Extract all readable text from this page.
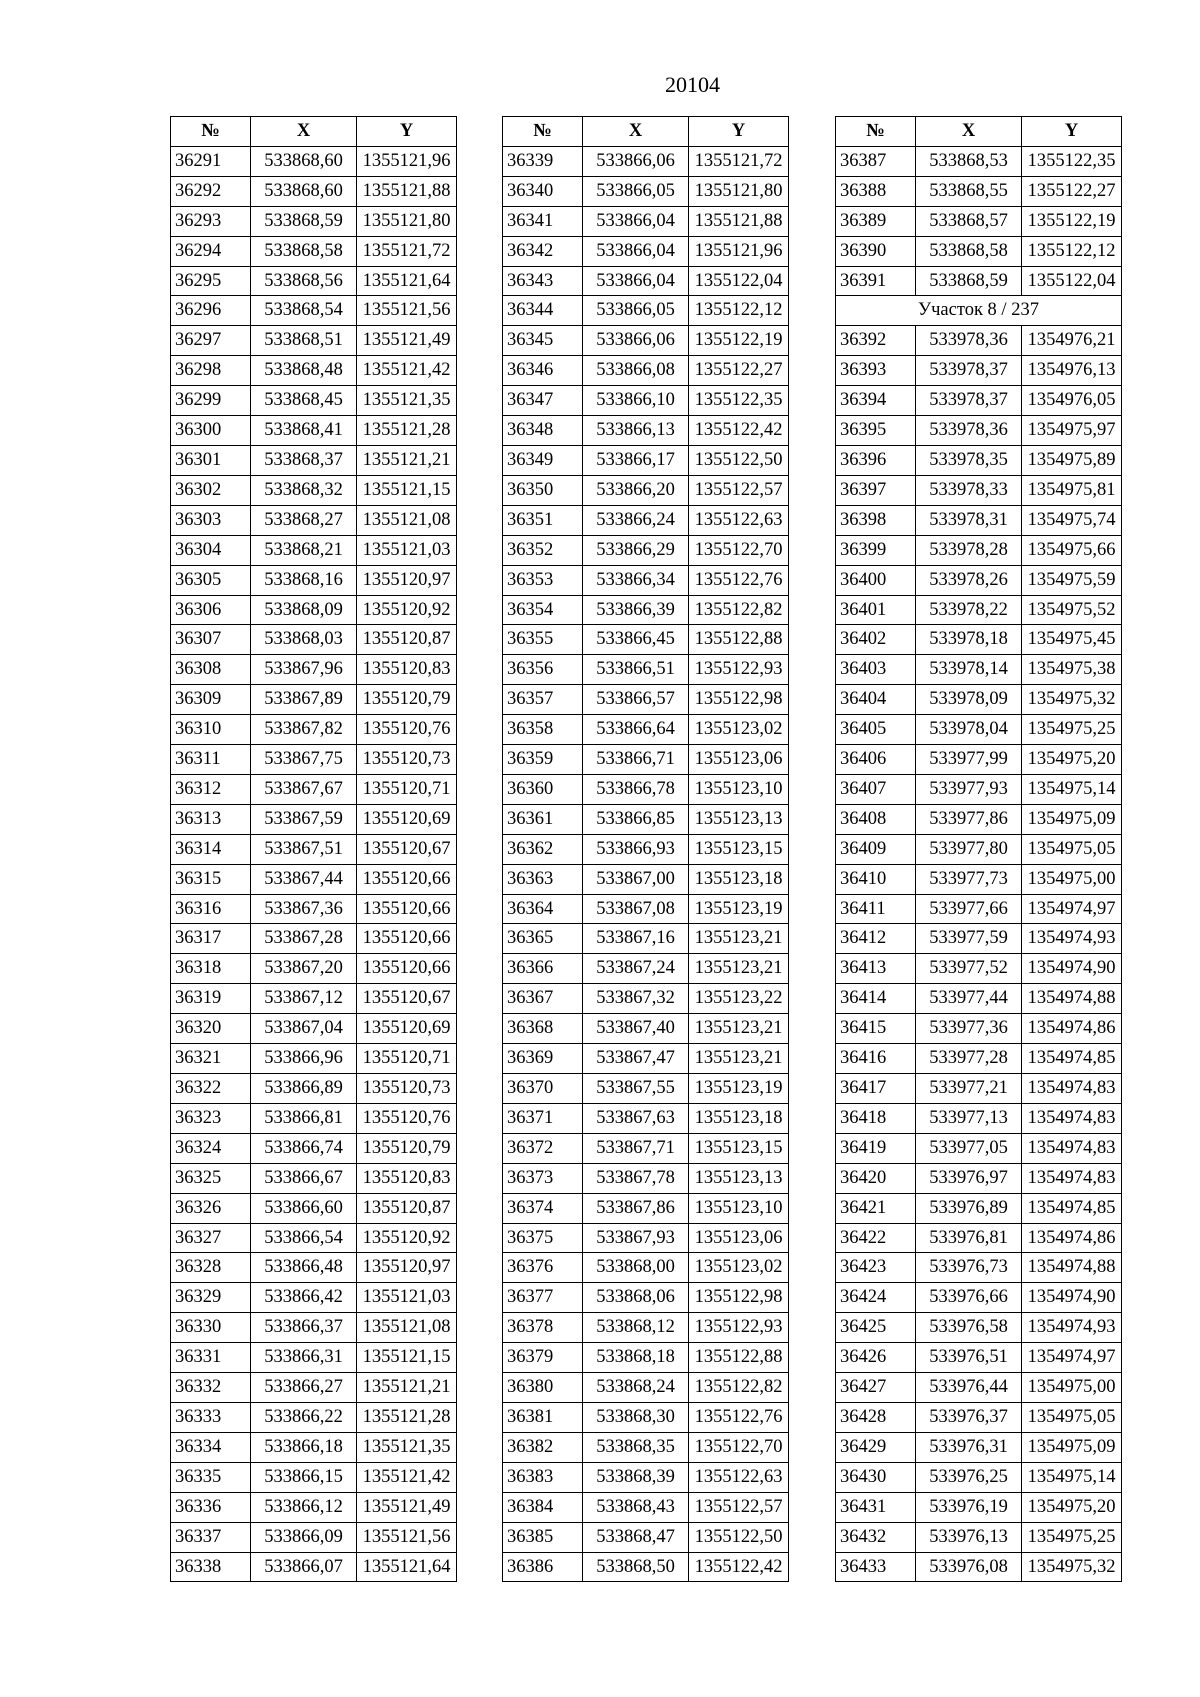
20104
№	X	Y
36291	533868,60	1355121,96
36292	533868,60	1355121,88
36293	533868,59	1355121,80
36294	533868,58	1355121,72
36295	533868,56	1355121,64
36296	533868,54	1355121,56
36297	533868,51	1355121,49
36298	533868,48	1355121,42
36299	533868,45	1355121,35
36300	533868,41	1355121,28
36301	533868,37	1355121,21
36302	533868,32	1355121,15
36303	533868,27	1355121,08
36304	533868,21	1355121,03
36305	533868,16	1355120,97
36306	533868,09	1355120,92
36307	533868,03	1355120,87
36308	533867,96	1355120,83
36309	533867,89	1355120,79
36310	533867,82	1355120,76
36311	533867,75	1355120,73
36312	533867,67	1355120,71
36313	533867,59	1355120,69
36314	533867,51	1355120,67
36315	533867,44	1355120,66
36316	533867,36	1355120,66
36317	533867,28	1355120,66
36318	533867,20	1355120,66
36319	533867,12	1355120,67
36320	533867,04	1355120,69
36321	533866,96	1355120,71
36322	533866,89	1355120,73
36323	533866,81	1355120,76
36324	533866,74	1355120,79
36325	533866,67	1355120,83
36326	533866,60	1355120,87
36327	533866,54	1355120,92
36328	533866,48	1355120,97
36329	533866,42	1355121,03
36330	533866,37	1355121,08
36331	533866,31	1355121,15
36332	533866,27	1355121,21
36333	533866,22	1355121,28
36334	533866,18	1355121,35
36335	533866,15	1355121,42
36336	533866,12	1355121,49
36337	533866,09	1355121,56
36338	533866,07	1355121,64
№	X	Y
36339	533866,06	1355121,72
36340	533866,05	1355121,80
36341	533866,04	1355121,88
36342	533866,04	1355121,96
36343	533866,04	1355122,04
36344	533866,05	1355122,12
36345	533866,06	1355122,19
36346	533866,08	1355122,27
36347	533866,10	1355122,35
36348	533866,13	1355122,42
36349	533866,17	1355122,50
36350	533866,20	1355122,57
36351	533866,24	1355122,63
36352	533866,29	1355122,70
36353	533866,34	1355122,76
36354	533866,39	1355122,82
36355	533866,45	1355122,88
36356	533866,51	1355122,93
36357	533866,57	1355122,98
36358	533866,64	1355123,02
36359	533866,71	1355123,06
36360	533866,78	1355123,10
36361	533866,85	1355123,13
36362	533866,93	1355123,15
36363	533867,00	1355123,18
36364	533867,08	1355123,19
36365	533867,16	1355123,21
36366	533867,24	1355123,21
36367	533867,32	1355123,22
36368	533867,40	1355123,21
36369	533867,47	1355123,21
36370	533867,55	1355123,19
36371	533867,63	1355123,18
36372	533867,71	1355123,15
36373	533867,78	1355123,13
36374	533867,86	1355123,10
36375	533867,93	1355123,06
36376	533868,00	1355123,02
36377	533868,06	1355122,98
36378	533868,12	1355122,93
36379	533868,18	1355122,88
36380	533868,24	1355122,82
36381	533868,30	1355122,76
36382	533868,35	1355122,70
36383	533868,39	1355122,63
36384	533868,43	1355122,57
36385	533868,47	1355122,50
36386	533868,50	1355122,42
№	X	Y
36387	533868,53	1355122,35
36388	533868,55	1355122,27
36389	533868,57	1355122,19
36390	533868,58	1355122,12
36391	533868,59	1355122,04
Участок 8 / 237		
36392	533978,36	1354976,21
36393	533978,37	1354976,13
36394	533978,37	1354976,05
36395	533978,36	1354975,97
36396	533978,35	1354975,89
36397	533978,33	1354975,81
36398	533978,31	1354975,74
36399	533978,28	1354975,66
36400	533978,26	1354975,59
36401	533978,22	1354975,52
36402	533978,18	1354975,45
36403	533978,14	1354975,38
36404	533978,09	1354975,32
36405	533978,04	1354975,25
36406	533977,99	1354975,20
36407	533977,93	1354975,14
36408	533977,86	1354975,09
36409	533977,80	1354975,05
36410	533977,73	1354975,00
36411	533977,66	1354974,97
36412	533977,59	1354974,93
36413	533977,52	1354974,90
36414	533977,44	1354974,88
36415	533977,36	1354974,86
36416	533977,28	1354974,85
36417	533977,21	1354974,83
36418	533977,13	1354974,83
36419	533977,05	1354974,83
36420	533976,97	1354974,83
36421	533976,89	1354974,85
36422	533976,81	1354974,86
36423	533976,73	1354974,88
36424	533976,66	1354974,90
36425	533976,58	1354974,93
36426	533976,51	1354974,97
36427	533976,44	1354975,00
36428	533976,37	1354975,05
36429	533976,31	1354975,09
36430	533976,25	1354975,14
36431	533976,19	1354975,20
36432	533976,13	1354975,25
36433	533976,08	1354975,32
